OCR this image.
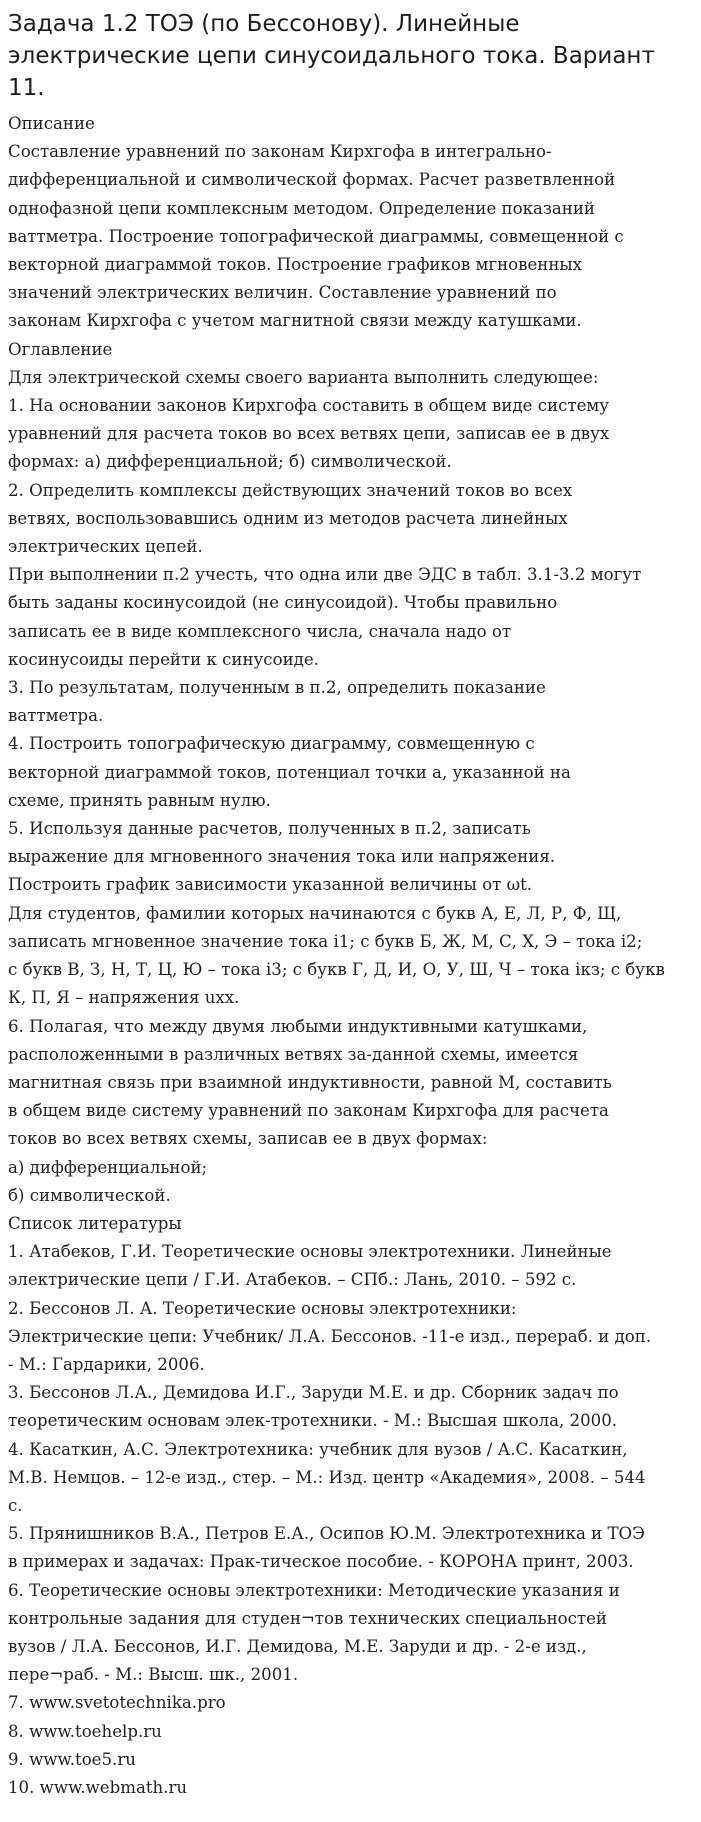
Задача 1.2 ТОЭ (по Бессонову). Линейные
электрические цепи синусоидального тока. Вариант
11.

Описание

Составление уравнений по законам Кирхгофа в интегрально-

дифференциальной и символической формах. Расчет разветвленной

однофазной цепи комплексным методом. Определение показаний

ваттметра. Построение топографической диаграммы, совмещенной с

векторной диаграммой токов. Построение графиков мгновенных

значений электрических величин. Составление уравнений по

законам Кирхгофа с учетом магнитной связи между катушками.

Оглавление

Для электрической схемы своего варианта выполнить следующее:

1. На основании законов Кирхгофа составить в общем виде систему

уравнений для расчета токов во всех ветвях цепи, записав ее в двух

формах: а) дифференциальной; б) символической.

2. Определить комплексы действующих значений токов во всех

ветвях, воспользовавшись одним из методов расчета линейных

электрических цепей.

При выполнении п.2 учесть, что одна или две ЭДС в табл. 3.1-3.2 могут

быть заданы косинусоидой (не синусоидой). Чтобы правильно

записать ее в виде комплексного числа, сначала надо от

косинусоиды перейти к синусоиде.

3. По результатам, полученным в п.2, определить показание

ваттметра.

4. Построить топографическую диаграмму, совмещенную с

векторной диаграммой токов, потенциал точки а, указанной на

схеме, принять равным нулю.

5. Используя данные расчетов, полученных в п.2, записать

выражение для мгновенного значения тока или напряжения.

Построить график зависимости указанной величины от ωt.

Для студентов, фамилии которых начинаются с букв А, Е, Л, Р, Ф, Щ,

записать мгновенное значение тока i1; с букв Б, Ж, М, С, Х, Э – тока i2;

с букв В, З, Н, Т, Ц, Ю – тока i3; с букв Г, Д, И, О, У, Ш, Ч – тока iкз; с букв

К, П, Я – напряжения uxx.

6. Полагая, что между двумя любыми индуктивными катушками,

расположенными в различных ветвях за-данной схемы, имеется

магнитная связь при взаимной индуктивности, равной М, составить

в общем виде систему уравнений по законам Кирхгофа для расчета

токов во всех ветвях схемы, записав ее в двух формах:

а) дифференциальной;

б) символической.

Список литературы

1. Атабеков, Г.И. Теоретические основы электротехники. Линейные

электрические цепи / Г.И. Атабеков. – СПб.: Лань, 2010. – 592 с.

2. Бессонов Л. А. Теоретические основы электротехники:

Электрические цепи: Учебник/ Л.А. Бессонов. -11-е изд., перераб. и доп.

- М.: Гардарики, 2006.

3. Бессонов Л.А., Демидова И.Г., Заруди М.Е. и др. Сборник задач по

теоретическим основам элек-тротехники. - М.: Высшая школа, 2000.

4. Касаткин, А.С. Электротехника: учебник для вузов / А.С. Касаткин,

М.В. Немцов. – 12-е изд., стер. – М.: Изд. центр «Академия», 2008. – 544

с.

5. Прянишников В.А., Петров Е.А., Осипов Ю.М. Электротехника и ТОЭ

в примерах и задачах: Прак-тическое пособие. - КОРОНА принт, 2003.

6. Теоретические основы электротехники: Методические указания и

контрольные задания для студен¬тов технических специальностей

вузов / Л.А. Бессонов, И.Г. Демидова, М.Е. Заруди и др. - 2-е изд.,

пере¬раб. - М.: Высш. шк., 2001.

7. www.svetotechnika.pro

8. www.toehelp.ru

9. www.toe5.ru

10. www.webmath.ru
